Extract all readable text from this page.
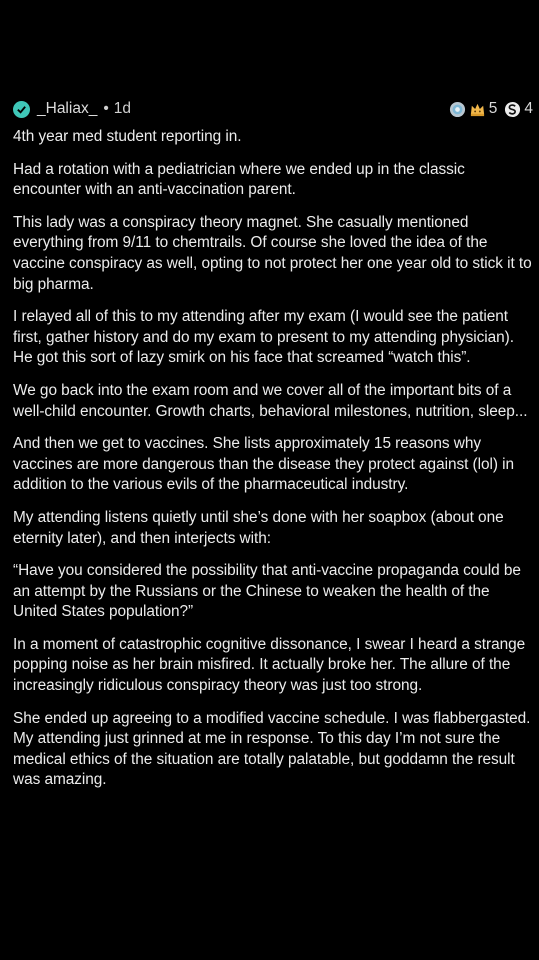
_Haliax_ • 1d	5 4

4th year med student reporting in.

Had a rotation with a pediatrician where we ended up in the classic encounter with an anti-vaccination parent.

This lady was a conspiracy theory magnet. She casually mentioned everything from 9/11 to chemtrails. Of course she loved the idea of the vaccine conspiracy as well, opting to not protect her one year old to stick it to big pharma.

I relayed all of this to my attending after my exam (I would see the patient first, gather history and do my exam to present to my attending physician). He got this sort of lazy smirk on his face that screamed “watch this”.

We go back into the exam room and we cover all of the important bits of a well-child encounter. Growth charts, behavioral milestones, nutrition, sleep...

And then we get to vaccines. She lists approximately 15 reasons why vaccines are more dangerous than the disease they protect against (lol) in addition to the various evils of the pharmaceutical industry.

My attending listens quietly until she’s done with her soapbox (about one eternity later), and then interjects with:

“Have you considered the possibility that anti-vaccine propaganda could be an attempt by the Russians or the Chinese to weaken the health of the United States population?”

In a moment of catastrophic cognitive dissonance, I swear I heard a strange popping noise as her brain misfired. It actually broke her. The allure of the increasingly ridiculous conspiracy theory was just too strong.

She ended up agreeing to a modified vaccine schedule. I was flabbergasted. My attending just grinned at me in response. To this day I’m not sure the medical ethics of the situation are totally palatable, but goddamn the result was amazing.
